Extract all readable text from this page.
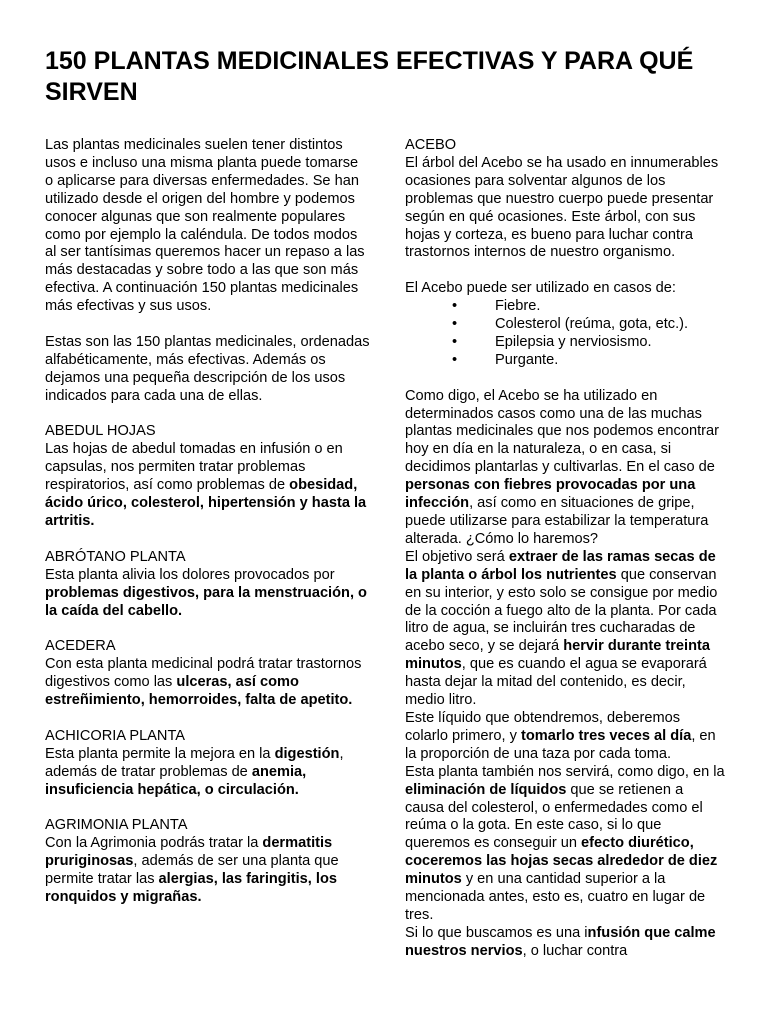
150 PLANTAS MEDICINALES EFECTIVAS Y PARA QUÉ SIRVEN

Las plantas medicinales suelen tener distintos usos e incluso una misma planta puede tomarse o aplicarse para diversas enfermedades. Se han utilizado desde el origen del hombre y podemos conocer algunas que son realmente populares como por ejemplo la caléndula. De todos modos al ser tantísimas queremos hacer un repaso a las más destacadas y sobre todo a las que son más efectiva. A continuación 150 plantas medicinales más efectivas y sus usos.

Estas son las 150 plantas medicinales, ordenadas alfabéticamente, más efectivas. Además os dejamos una pequeña descripción de los usos indicados para cada una de ellas.

ABEDUL HOJAS
Las hojas de abedul tomadas en infusión o en capsulas, nos permiten tratar problemas respiratorios, así como problemas de obesidad, ácido úrico, colesterol, hipertensión y hasta la artritis.

ABRÓTANO PLANTA
Esta planta alivia los dolores provocados por problemas digestivos, para la menstruación, o la caída del cabello.

ACEDERA
Con esta planta medicinal podrá tratar trastornos digestivos como las ulceras, así como estreñimiento, hemorroides, falta de apetito.

ACHICORIA PLANTA
Esta planta permite la mejora en la digestión, además de tratar problemas de anemia, insuficiencia hepática, o circulación.

AGRIMONIA PLANTA
Con la Agrimonia podrás tratar la dermatitis pruriginosas, además de ser una planta que permite tratar las alergias, las faringitis, los ronquidos y migrañas.

ACEBO
El árbol del Acebo se ha usado en innumerables ocasiones para solventar algunos de los problemas que nuestro cuerpo puede presentar según en qué ocasiones. Este árbol, con sus hojas y corteza, es bueno para luchar contra trastornos internos de nuestro organismo.

El Acebo puede ser utilizado en casos de:

• Fiebre.
• Colesterol (reúma, gota, etc.).
• Epilepsia y nerviosismo.
• Purgante.

Como digo, el Acebo se ha utilizado en determinados casos como una de las muchas plantas medicinales que nos podemos encontrar hoy en día en la naturaleza, o en casa, si decidimos plantarlas y cultivarlas. En el caso de personas con fiebres provocadas por una infección, así como en situaciones de gripe, puede utilizarse para estabilizar la temperatura alterada. ¿Cómo lo haremos?

El objetivo será extraer de las ramas secas de la planta o árbol los nutrientes que conservan en su interior, y esto solo se consigue por medio de la cocción a fuego alto de la planta. Por cada litro de agua, se incluirán tres cucharadas de acebo seco, y se dejará hervir durante treinta minutos, que es cuando el agua se evaporará hasta dejar la mitad del contenido, es decir, medio litro.

Este líquido que obtendremos, deberemos colarlo primero, y tomarlo tres veces al día, en la proporción de una taza por cada toma.

Esta planta también nos servirá, como digo, en la eliminación de líquidos que se retienen a causa del colesterol, o enfermedades como el reúma o la gota. En este caso, si lo que queremos es conseguir un efecto diurético, coceremos las hojas secas alrededor de diez minutos y en una cantidad superior a la mencionada antes, esto es, cuatro en lugar de tres.

Si lo que buscamos es una infusión que calme nuestros nervios, o luchar contra
